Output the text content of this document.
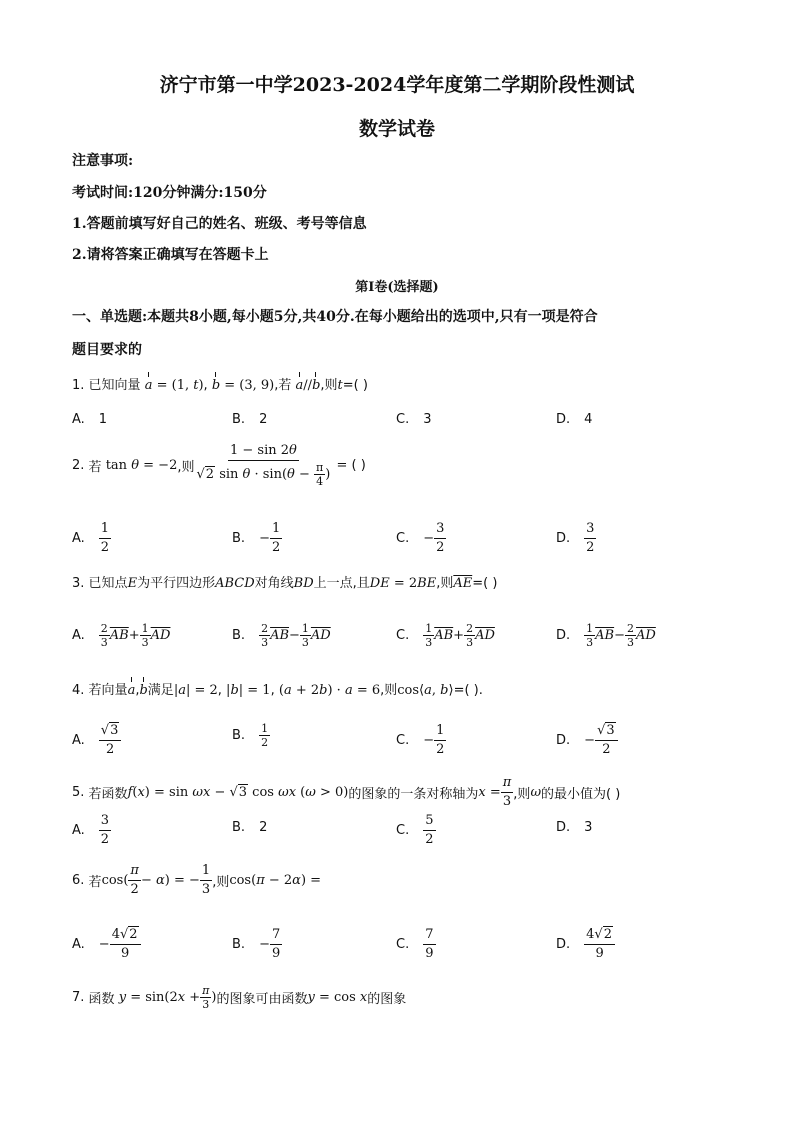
济宁市第一中学2023-2024学年度第二学期阶段性测试
数学试卷
注意事项:
考试时间:120分钟满分:150分
1.答题前填写好自己的姓名、班级、考号等信息
2.请将答案正确填写在答题卡上
第I卷(选择题)
一、单选题:本题共8小题,每小题5分,共40分.在每小题给出的选项中,只有一项是符合
题目要求的
1. 已知向量 a = (1, t), b = (3, 9),若 a//b,则t=( )
A. 1	B. 2	C. 3	D. 4
2.
若 tan θ = −2 ,则 $\frac{1 - \sin 2\theta}{√2 \sin \theta \cdot \sin(\theta - \frac{\pi}{4} )}$ = ( )
A. $\frac{1}{2}$	B. − $\frac{1}{2}$	C. − $\frac{3}{2}$	D. $\frac{3}{2}$
3. 已知点E为平行四边形ABCD对角线BD上一点,且DE = 2BE,则$\overline{AE}=$( )
A. $\frac{2}{3} \overline{AB} + \frac{1}{3} \overline{AD}$	B. $\frac{2}{3} \overline{AB} - \frac{1}{3} \overline{AD}$	C. $\frac{1}{3} \overline{AB} + \frac{2}{3} \overline{AD}$	D. $\frac{1}{3} \overline{AB} - \frac{2}{3} \overline{AD}$
4. 若向量a,b满足|a| = 2, |b| = 1, (a + 2b) · a = 6,则cos⟨a, b⟩=( ).
A. $\frac{√3}{2}$	B. $\frac{1}{2}$	C. − $\frac{1}{2}$	D. − $\frac{√3}{2}$
5.
若函数 f(x) = sin ωx − √3 cos ωx (ω > 0) 的图象的一条对称轴为 $x = \frac{\pi}{3}$ ,则 ω 的最小值为( )
A. $\frac{3}{2}$	B. 2	C. $\frac{5}{2}$	D. 3
6.
若 $\cos( \frac{\pi}{2} - \alpha)$ = − $\frac{1}{3}$ ,则 cos(π − 2α) =
A. − $\frac{4√2}{9}$	B. − $\frac{7}{9}$	C. $\frac{7}{9}$	D. $\frac{4√2}{9}$
7.
函数 $y = \sin(2x + \frac{\pi}{3}$ ) 的图象可由函数 y = cos x 的图象
